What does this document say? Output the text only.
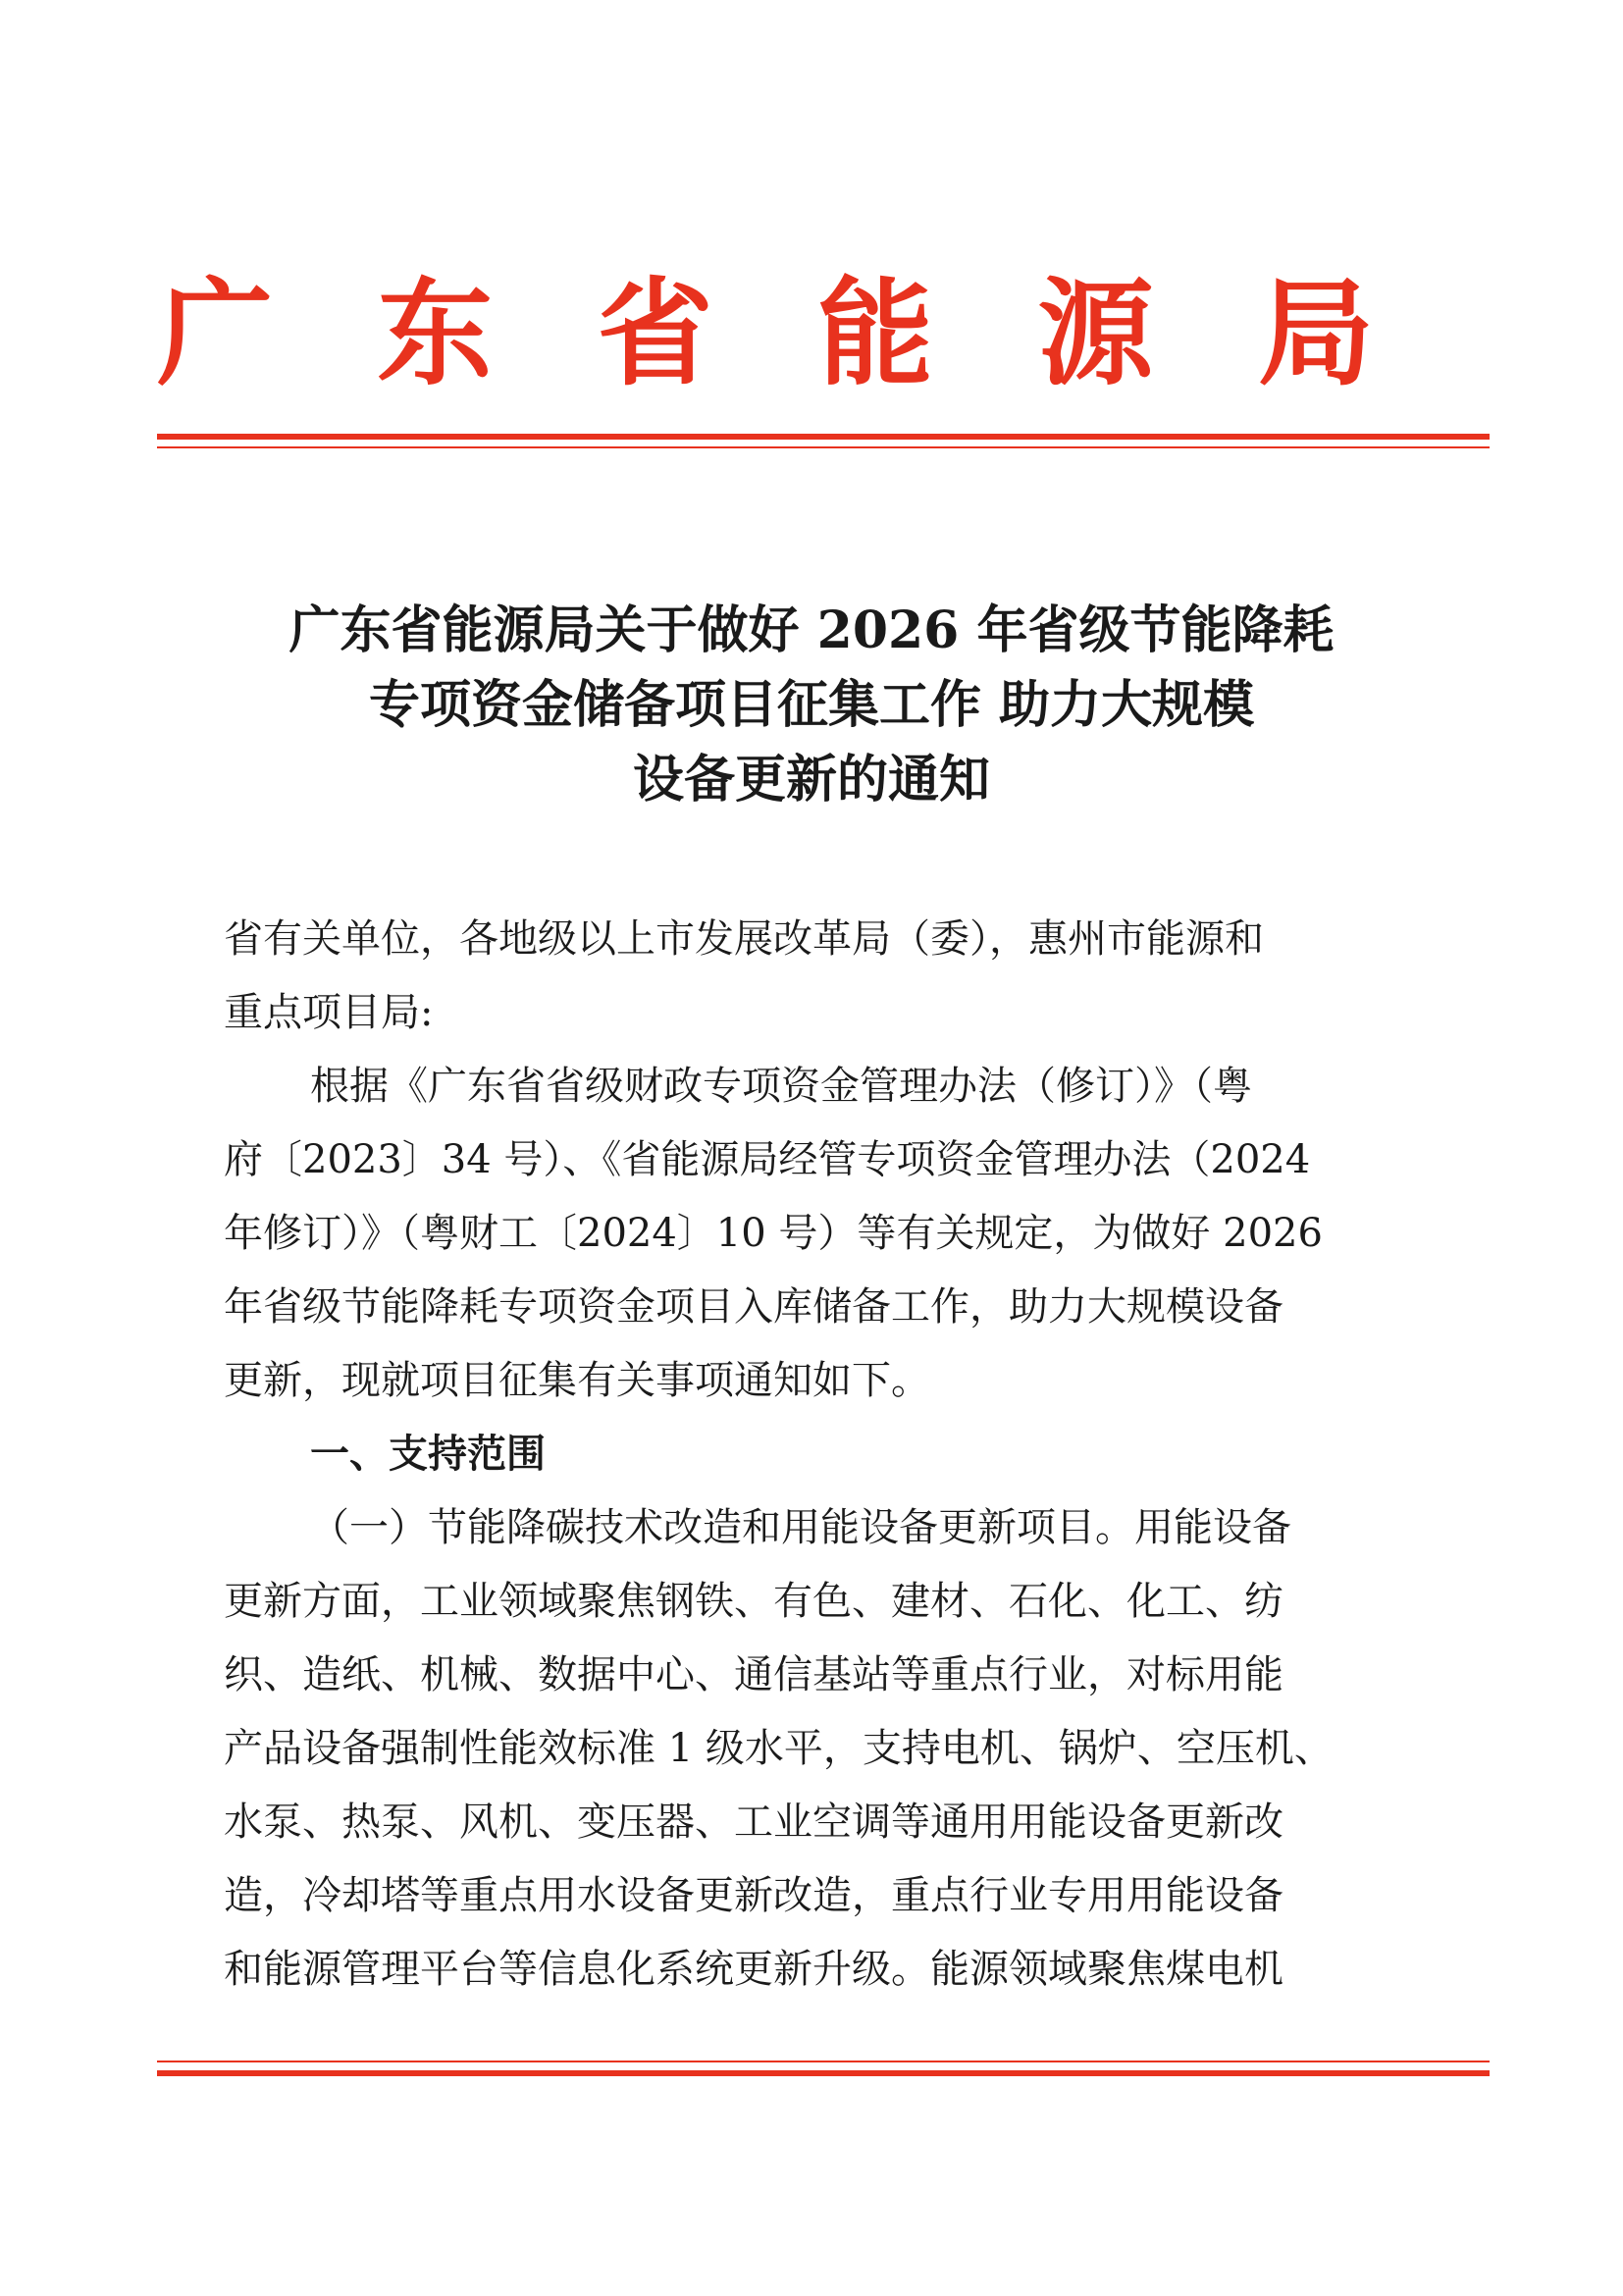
广 东 省 能 源 局
广东省能源局关于做好 2026 年省级节能降耗
专项资金储备项目征集工作 助力大规模
设备更新的通知
省有关单位，各地级以上市发展改革局（委），惠州市能源和
重点项目局:
根据《广东省省级财政专项资金管理办法（修订）》（粤
府〔2023〕34 号）、《省能源局经管专项资金管理办法（2024
年修订）》（粤财工〔2024〕10 号）等有关规定，为做好 2026
年省级节能降耗专项资金项目入库储备工作，助力大规模设备
更新，现就项目征集有关事项通知如下。
一、支持范围
（一）节能降碳技术改造和用能设备更新项目。用能设备
更新方面，工业领域聚焦钢铁、有色、建材、石化、化工、纺
织、造纸、机械、数据中心、通信基站等重点行业，对标用能
产品设备强制性能效标准 1 级水平，支持电机、锅炉、空压机、
水泵、热泵、风机、变压器、工业空调等通用用能设备更新改
造，冷却塔等重点用水设备更新改造，重点行业专用用能设备
和能源管理平台等信息化系统更新升级。能源领域聚焦煤电机
